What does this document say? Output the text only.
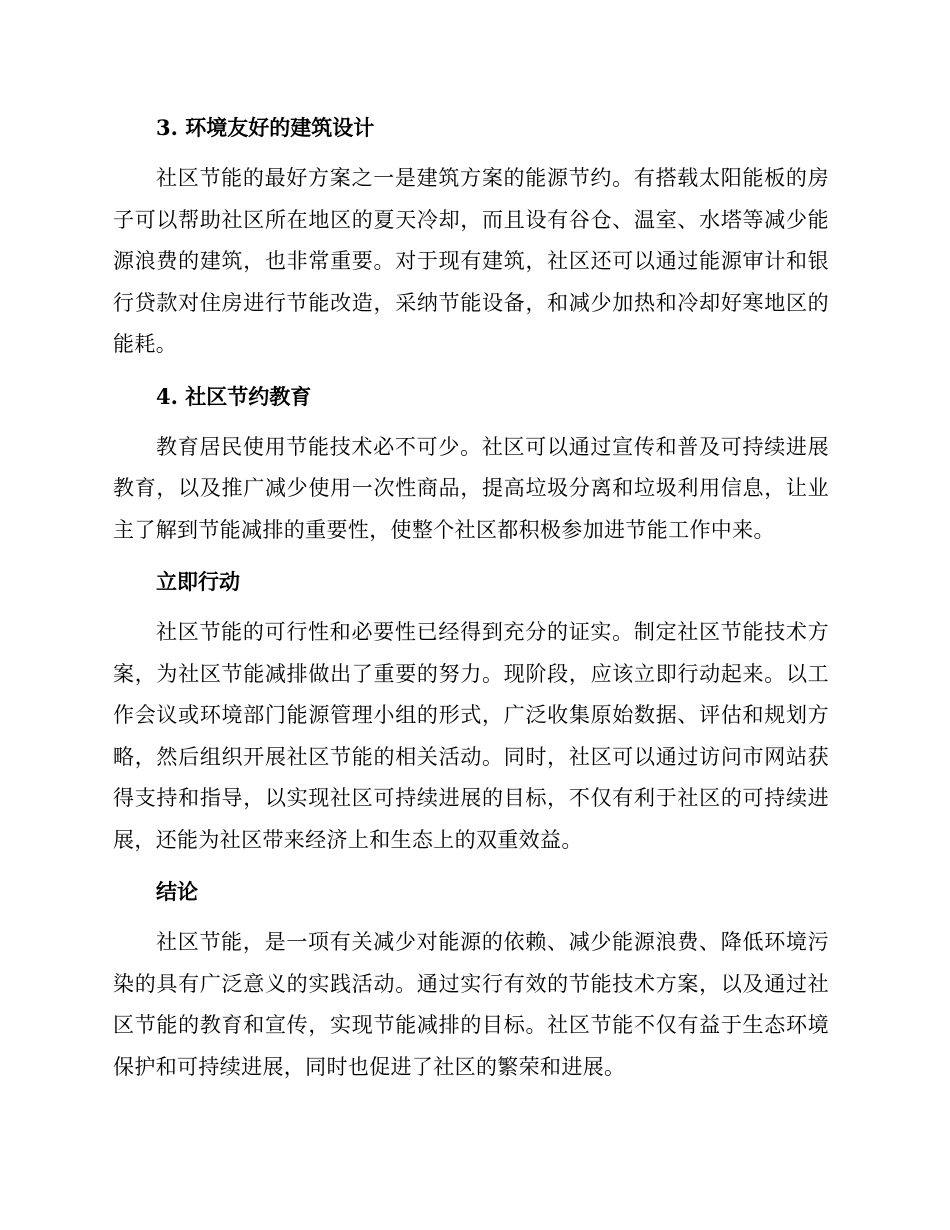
3. 环境友好的建筑设计

社区节能的最好方案之一是建筑方案的能源节约。有搭载太阳能板的房子可以帮助社区所在地区的夏天冷却，而且设有谷仓、温室、水塔等减少能源浪费的建筑，也非常重要。对于现有建筑，社区还可以通过能源审计和银行贷款对住房进行节能改造，采纳节能设备，和减少加热和冷却好寒地区的能耗。

4. 社区节约教育

教育居民使用节能技术必不可少。社区可以通过宣传和普及可持续进展教育，以及推广减少使用一次性商品，提高垃圾分离和垃圾利用信息，让业主了解到节能减排的重要性，使整个社区都积极参加进节能工作中来。

立即行动

社区节能的可行性和必要性已经得到充分的证实。制定社区节能技术方案，为社区节能减排做出了重要的努力。现阶段，应该立即行动起来。以工作会议或环境部门能源管理小组的形式，广泛收集原始数据、评估和规划方略，然后组织开展社区节能的相关活动。同时，社区可以通过访问市网站获得支持和指导，以实现社区可持续进展的目标，不仅有利于社区的可持续进展，还能为社区带来经济上和生态上的双重效益。

结论

社区节能，是一项有关减少对能源的依赖、减少能源浪费、降低环境污染的具有广泛意义的实践活动。通过实行有效的节能技术方案，以及通过社区节能的教育和宣传，实现节能减排的目标。社区节能不仅有益于生态环境保护和可持续进展，同时也促进了社区的繁荣和进展。
